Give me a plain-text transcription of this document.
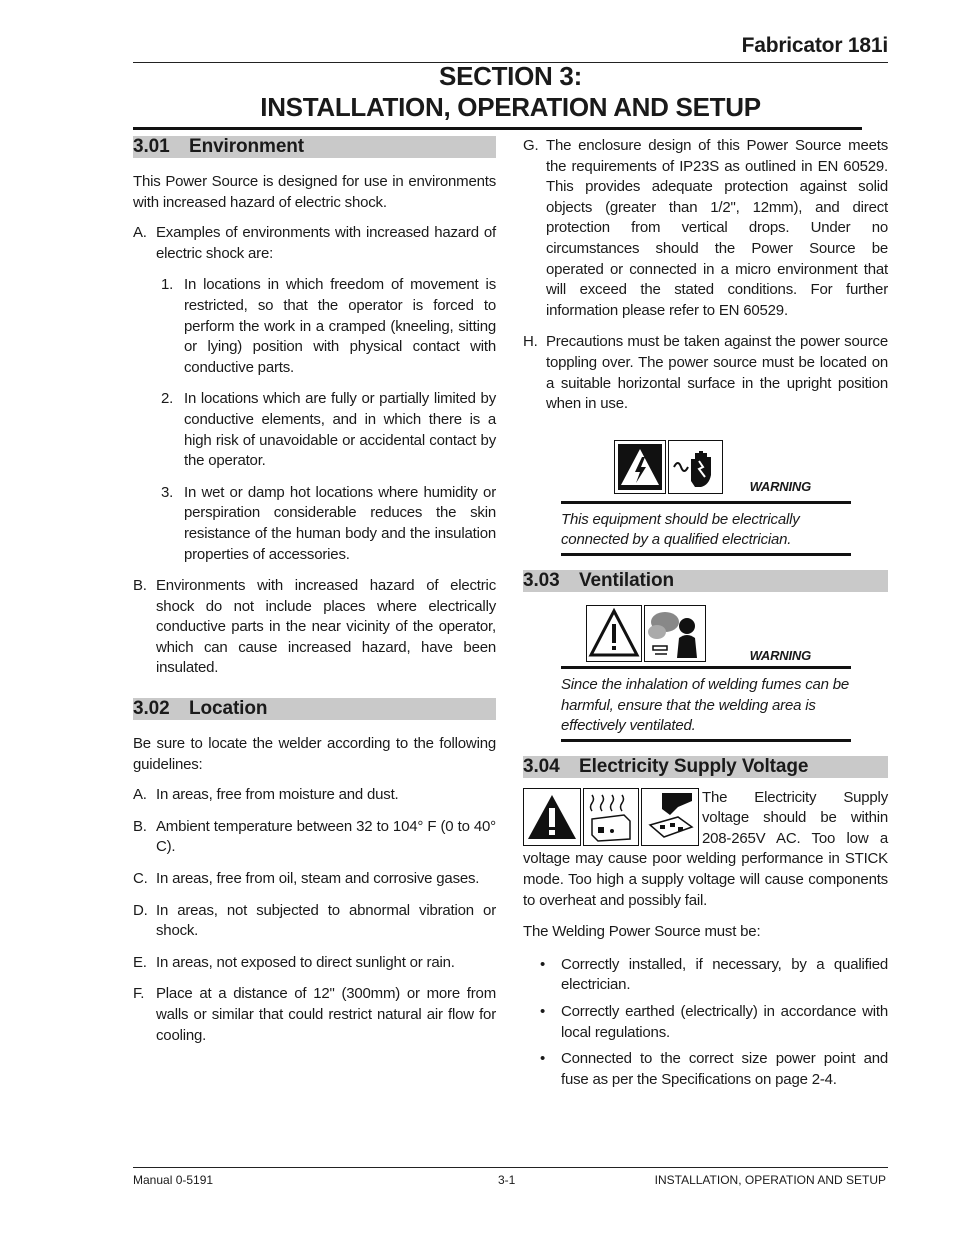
Fabricator 181i
SECTION 3:
INSTALLATION, OPERATION AND SETUP
3.01 Environment

This Power Source is designed for use in environments with increased hazard of electric shock.

A. Examples of environments with increased hazard of electric shock are:
1. In locations in which freedom of movement is restricted, so that the operator is forced to perform the work in a cramped (kneeling, sitting or lying) position with physical contact with conductive parts.
2. In locations which are fully or partially limited by conductive elements, and in which there is a high risk of unavoidable or accidental contact by the operator.
3. In wet or damp hot locations where humidity or perspiration considerable reduces the skin resistance of the human body and the insulation properties of accessories.
B. Environments with increased hazard of electric shock do not include places where electrically conductive parts in the near vicinity of the operator, which can cause increased hazard, have been insulated.
3.02 Location

Be sure to locate the welder according to the following guidelines:

A. In areas, free from moisture and dust.
B. Ambient temperature between 32 to 104° F (0 to 40° C).
C. In areas, free from oil, steam and corrosive gases.
D. In areas, not subjected to abnormal vibration or shock.
E. In areas, not exposed to direct sunlight or rain.
F. Place at a distance of 12" (300mm) or more from walls or similar that could restrict natural air flow for cooling.
G. The enclosure design of this Power Source meets the requirements of IP23S as outlined in EN 60529. This provides adequate protection against solid objects (greater than 1/2", 12mm), and direct protection from vertical drops. Under no circumstances should the Power Source be operated or connected in a micro environment that will exceed the stated conditions. For further information please refer to EN 60529.
H. Precautions must be taken against the power source toppling over. The power source must be located on a suitable horizontal surface in the upright position when in use.
WARNING
This equipment should be electrically connected by a qualified electrician.
3.03 Ventilation
WARNING
Since the inhalation of welding fumes can be harmful, ensure that the welding area is effectively ventilated.
3.04 Electricity Supply Voltage

The Electricity Supply voltage should be within 208-265V AC. Too low a voltage may cause poor welding performance in STICK mode. Too high a supply voltage will cause components to overheat and possibly fail.

The Welding Power Source must be:

• Correctly installed, if necessary, by a qualified electrician.
• Correctly earthed (electrically) in accordance with local regulations.
• Connected to the correct size power point and fuse as per the Specifications on page 2-4.
Manual 0-5191	3-1	INSTALLATION, OPERATION AND SETUP
